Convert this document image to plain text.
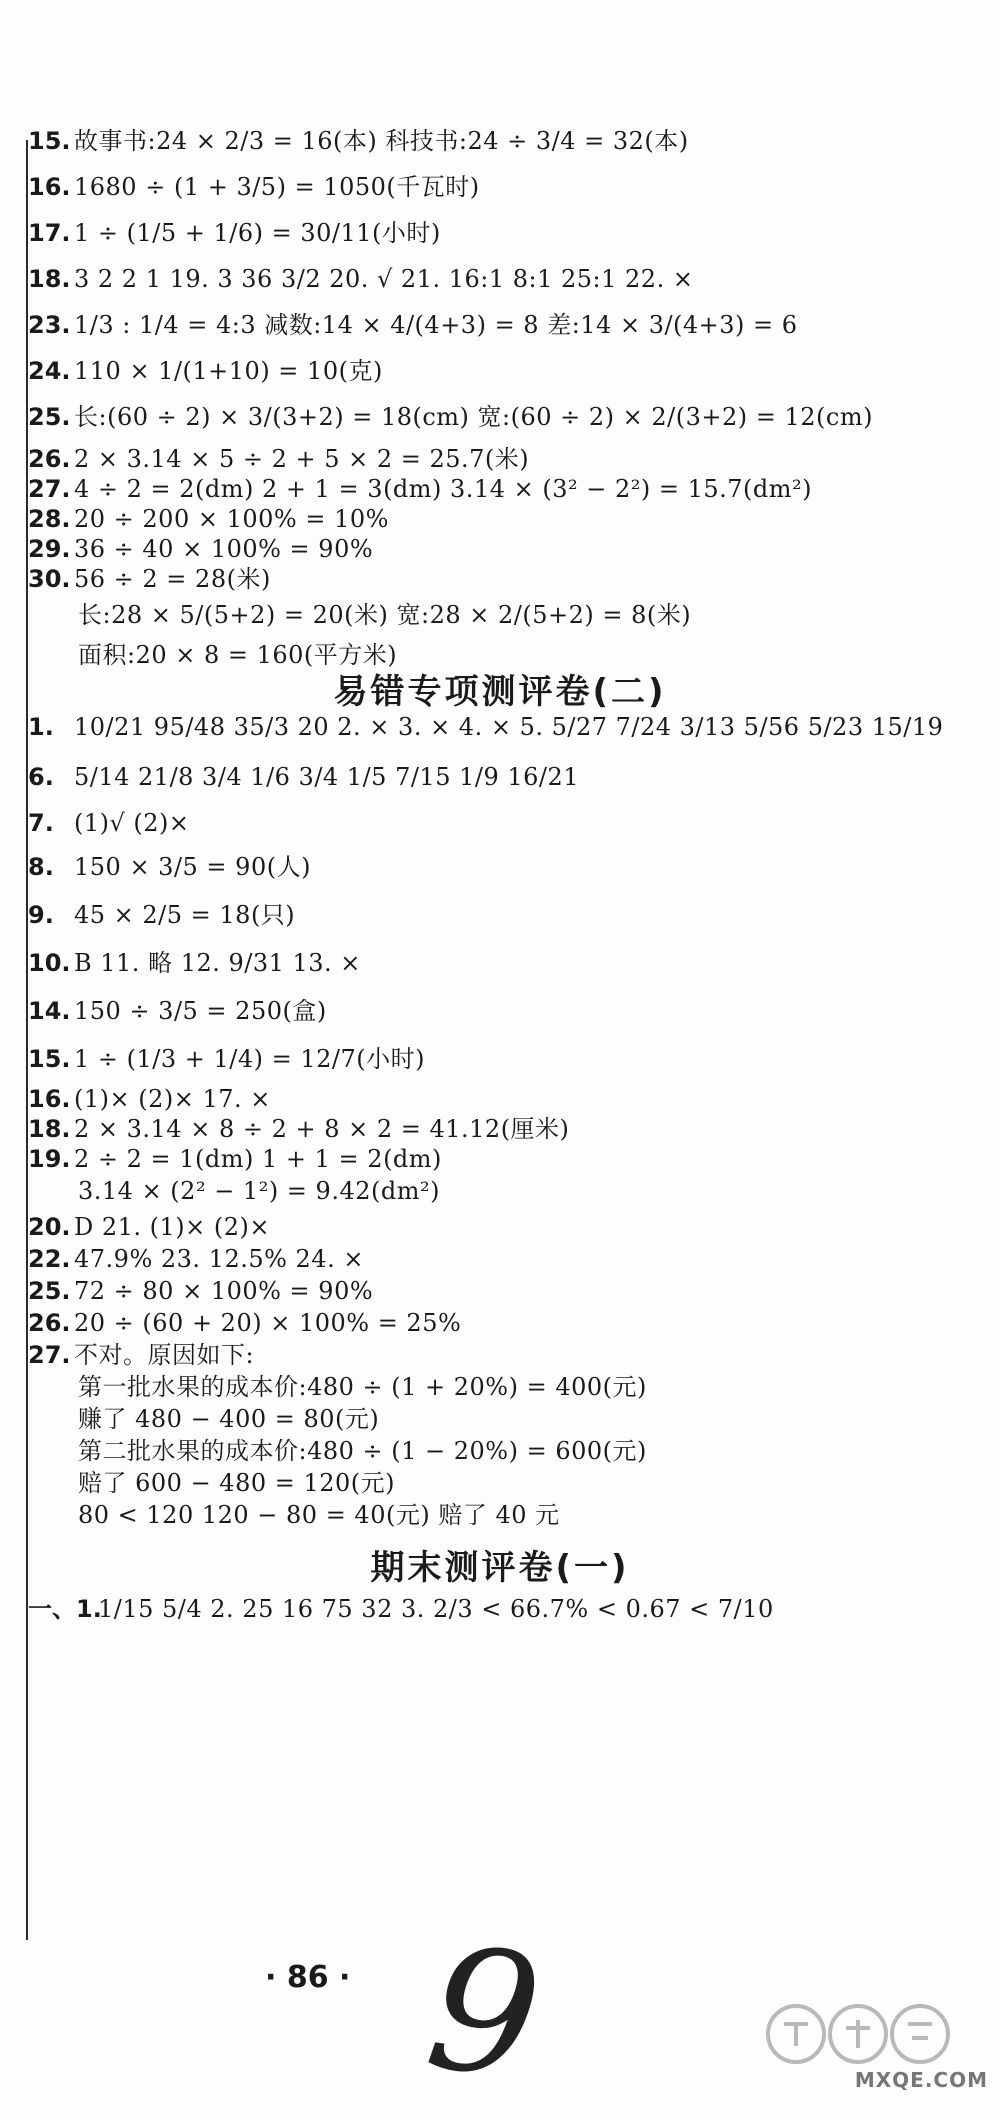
15. 故事书:24 × 2/3 = 16(本) 科技书:24 ÷ 3/4 = 32(本)
16. 1680 ÷ (1 + 3/5) = 1050(千瓦时)
17. 1 ÷ (1/5 + 1/6) = 30/11(小时)
18. 3 2 2 1 19. 3 36 3/2 20. √ 21. 16:1 8:1 25:1 22. ×
23. 1/3 : 1/4 = 4:3 减数:14 × 4/(4+3) = 8 差:14 × 3/(4+3) = 6
24. 110 × 1/(1+10) = 10(克)
25. 长:(60 ÷ 2) × 3/(3+2) = 18(cm) 宽:(60 ÷ 2) × 2/(3+2) = 12(cm)
26. 2 × 3.14 × 5 ÷ 2 + 5 × 2 = 25.7(米)
27. 4 ÷ 2 = 2(dm) 2 + 1 = 3(dm) 3.14 × (3² − 2²) = 15.7(dm²)
28. 20 ÷ 200 × 100% = 10%
29. 36 ÷ 40 × 100% = 90%
30. 56 ÷ 2 = 28(米)
长:28 × 5/(5+2) = 20(米) 宽:28 × 2/(5+2) = 8(米)
面积:20 × 8 = 160(平方米)
易错专项测评卷(二)
1. 10/21 95/48 35/3 20 2. × 3. × 4. × 5. 5/27 7/24 3/13 5/56 5/23 15/19
6. 5/14 21/8 3/4 1/6 3/4 1/5 7/15 1/9 16/21
7. (1)√ (2)×
8. 150 × 3/5 = 90(人)
9. 45 × 2/5 = 18(只)
10. B 11. 略 12. 9/31 13. ×
14. 150 ÷ 3/5 = 250(盒)
15. 1 ÷ (1/3 + 1/4) = 12/7(小时)
16. (1)× (2)× 17. ×
18. 2 × 3.14 × 8 ÷ 2 + 8 × 2 = 41.12(厘米)
19. 2 ÷ 2 = 1(dm) 1 + 1 = 2(dm)
3.14 × (2² − 1²) = 9.42(dm²)
20. D 21. (1)× (2)×
22. 47.9% 23. 12.5% 24. ×
25. 72 ÷ 80 × 100% = 90%
26. 20 ÷ (60 + 20) × 100% = 25%
27. 不对。原因如下:
第一批水果的成本价:480 ÷ (1 + 20%) = 400(元)
赚了 480 − 400 = 80(元)
第二批水果的成本价:480 ÷ (1 − 20%) = 600(元)
赔了 600 − 480 = 120(元)
80 < 120 120 − 80 = 40(元) 赔了 40 元
期末测评卷(一)
一、1.1/15 5/4 2. 25 16 75 32 3. 2/3 < 66.7% < 0.67 < 7/10
· 86 · 9	MXQE.COM
